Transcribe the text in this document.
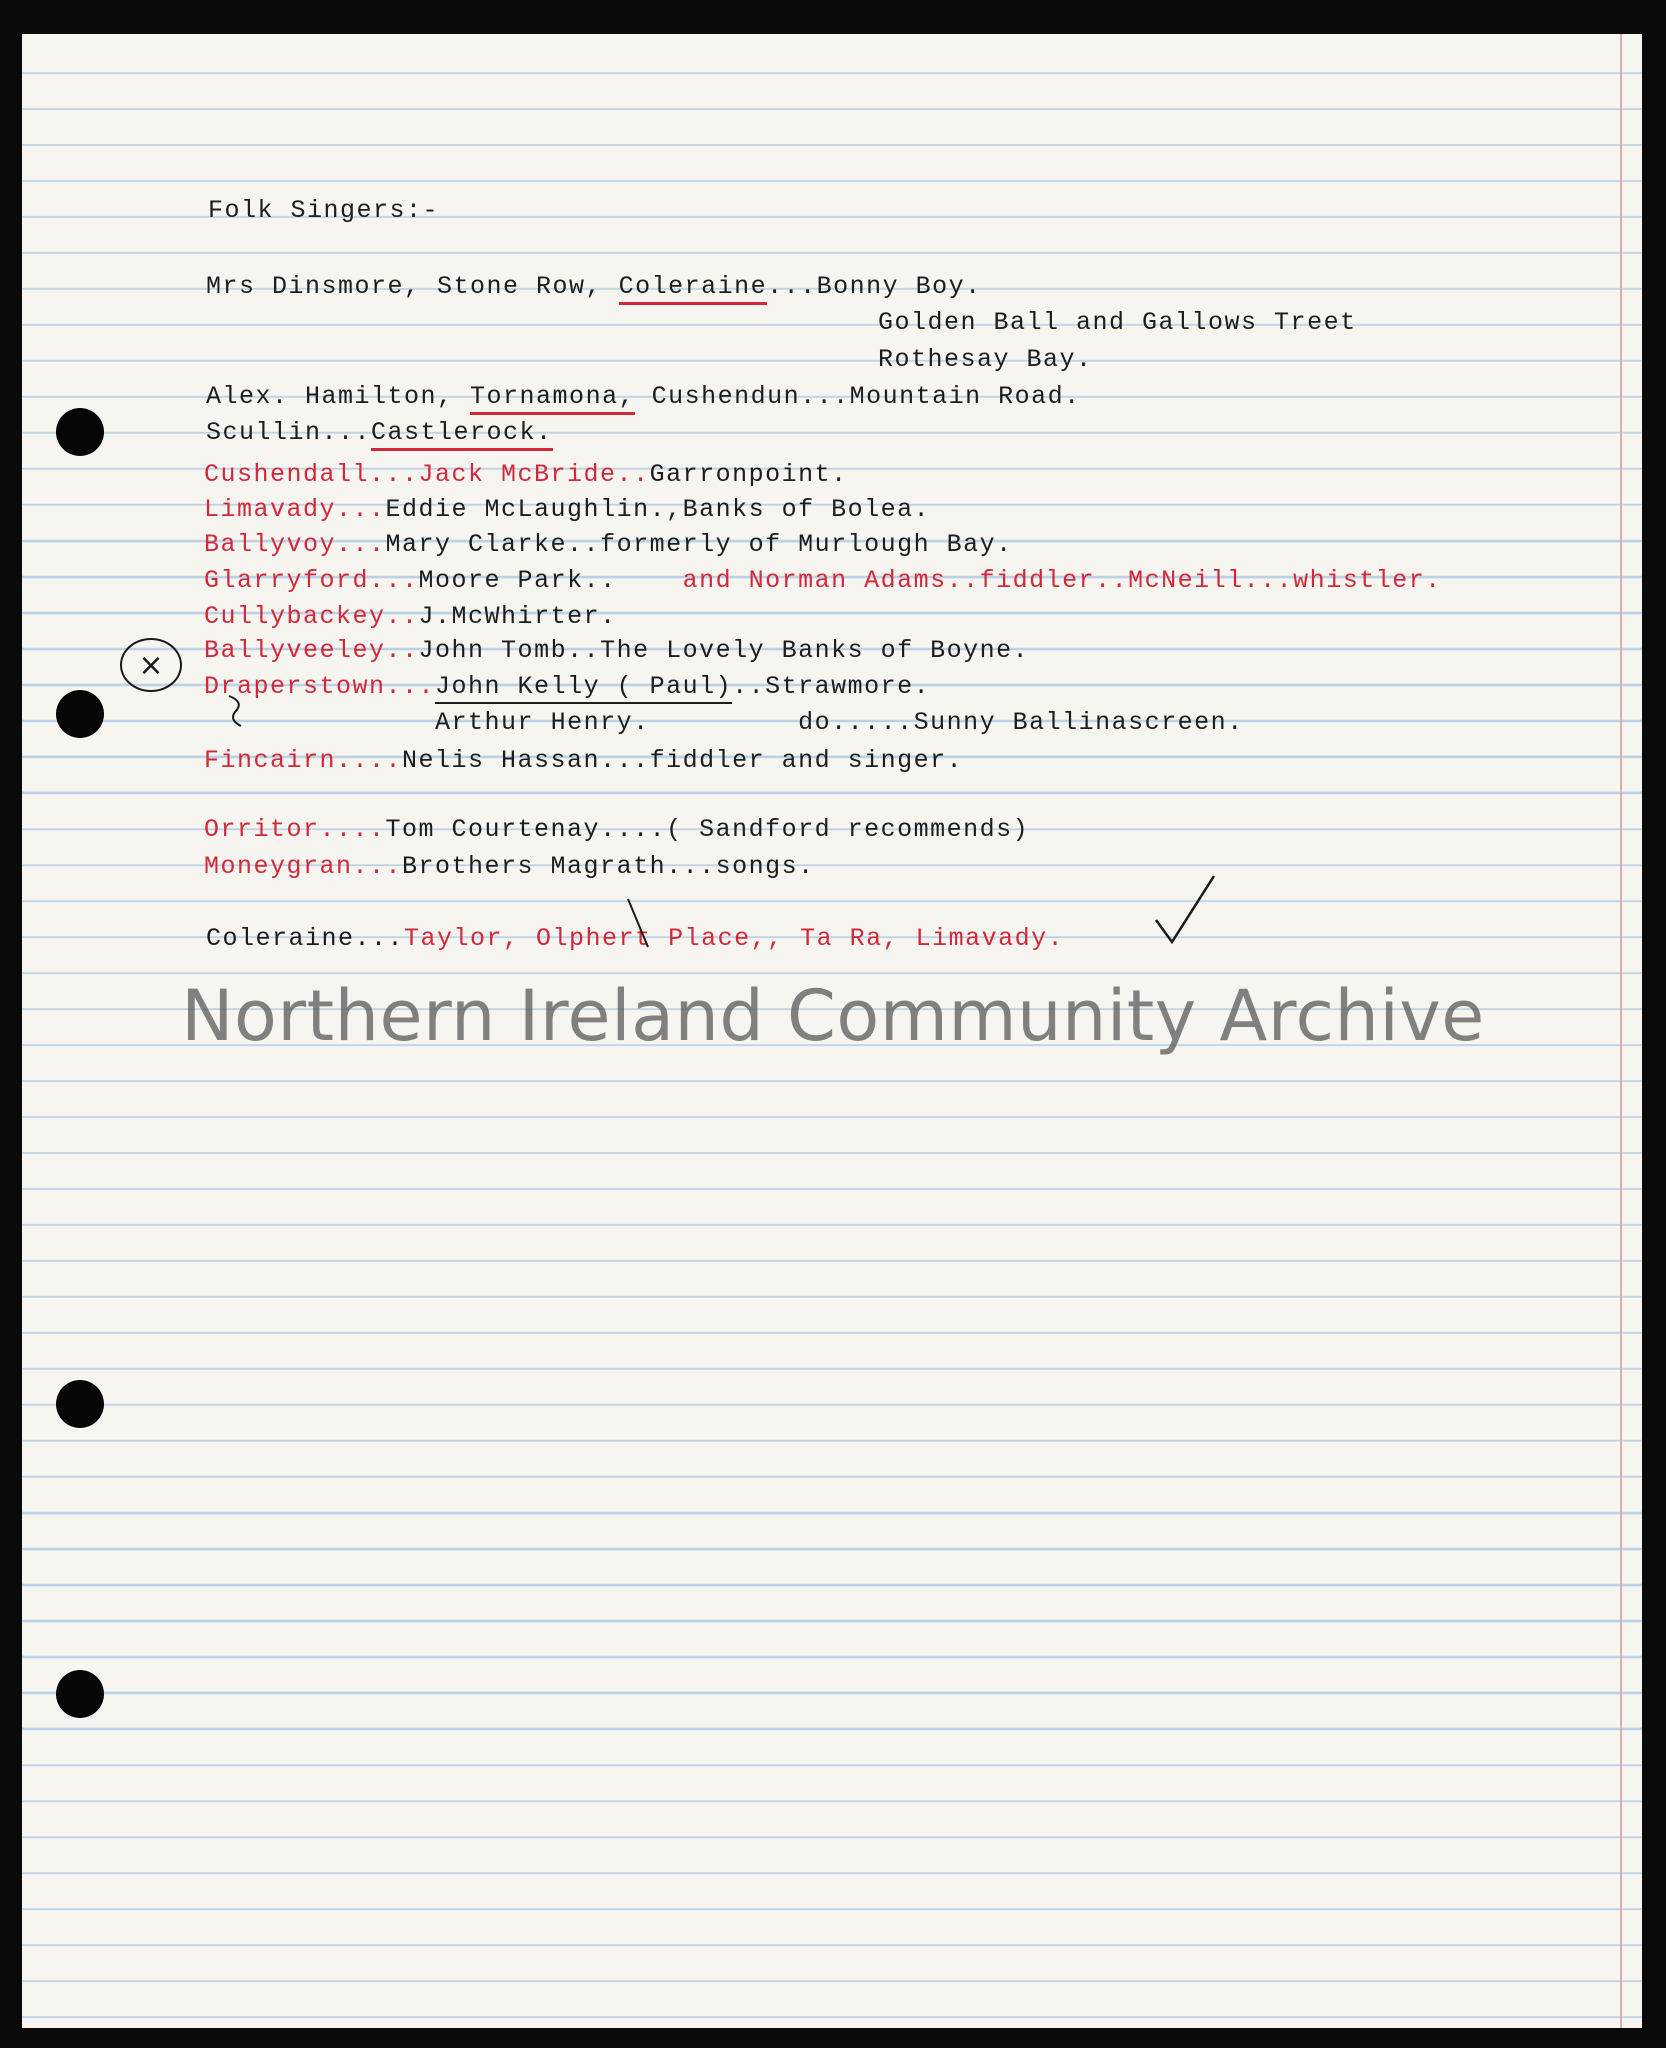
Folk Singers:-
Mrs Dinsmore, Stone Row, Coleraine...Bonny Boy.
Golden Ball and Gallows Treet
Rothesay Bay.
Alex. Hamilton, Tornamona, Cushendun...Mountain Road.
Scullin...Castlerock.
Cushendall...Jack McBride..Garronpoint.
Limavady...Eddie McLaughlin.,Banks of Bolea.
Ballyvoy...Mary Clarke..formerly of Murlough Bay.
Glarryford...Moore Park..	and Norman Adams..fiddler..McNeill...whistler.
Cullybackey..J.McWhirter.
Ballyveeley..John Tomb..The Lovely Banks of Boyne.
Draperstown...John Kelly ( Paul)..Strawmore.
Arthur Henry.	do.....Sunny Ballinascreen.
Fincairn....Nelis Hassan...fiddler and singer.
Orritor....Tom Courtenay....( Sandford recommends)
Moneygran...Brothers Magrath...songs.
Coleraine...Taylor, Olphert Place,, Ta Ra, Limavady.
×
Northern Ireland Community Archive
